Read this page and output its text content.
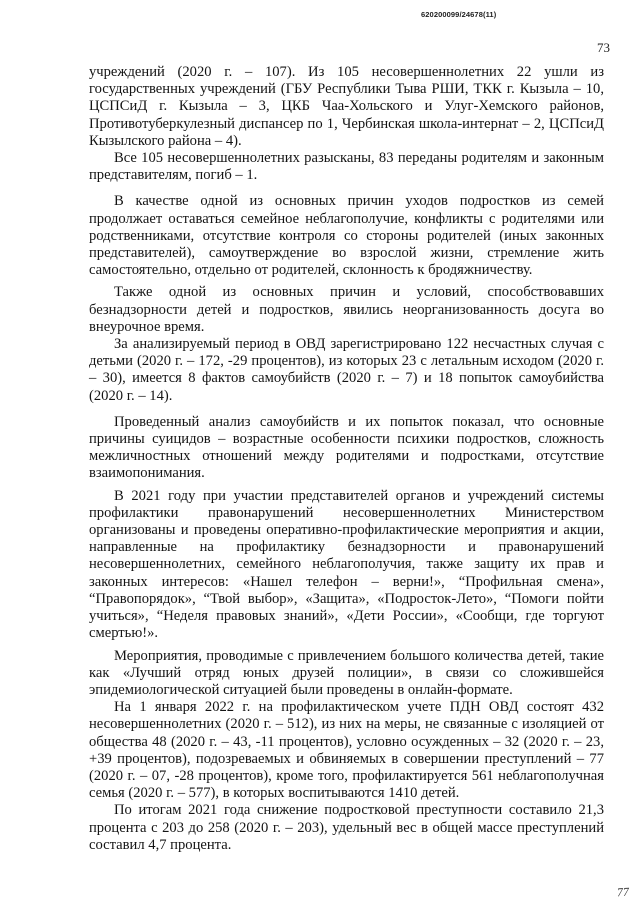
620200099/24678(11)
73

учреждений (2020 г. – 107). Из 105 несовершеннолетних 22 ушли из государственных учреждений (ГБУ Республики Тыва РШИ, ТКК г. Кызыла – 10, ЦСПСиД г. Кызыла – 3, ЦКБ Чаа-Хольского и Улуг-Хемского районов, Противотуберкулезный диспансер по 1, Чербинская школа-интернат – 2, ЦСПсиД Кызылского района – 4).

Все 105 несовершеннолетних разысканы, 83 переданы родителям и законным представителям, погиб – 1.

В качестве одной из основных причин уходов подростков из семей продолжает оставаться семейное неблагополучие, конфликты с родителями или родственниками, отсутствие контроля со стороны родителей (иных законных представителей), самоутверждение во взрослой жизни, стремление жить самостоятельно, отдельно от родителей, склонность к бродяжничеству.

Также одной из основных причин и условий, способствовавших безнадзорности детей и подростков, явились неорганизованность досуга во внеурочное время.

За анализируемый период в ОВД зарегистрировано 122 несчастных случая с детьми (2020 г. – 172, -29 процентов), из которых 23 с летальным исходом (2020 г. – 30), имеется 8 фактов самоубийств (2020 г. – 7) и 18 попыток самоубийства (2020 г. – 14).

Проведенный анализ самоубийств и их попыток показал, что основные причины суицидов – возрастные особенности психики подростков, сложность межличностных отношений между родителями и подростками, отсутствие взаимопонимания.

В 2021 году при участии представителей органов и учреждений системы профилактики правонарушений несовершеннолетних Министерством организованы и проведены оперативно-профилактические мероприятия и акции, направленные на профилактику безнадзорности и правонарушений несовершеннолетних, семейного неблагополучия, также защиту их прав и законных интересов: «Нашел телефон – верни!», “Профильная смена», “Правопорядок», “Твой выбор», «Защита», «Подросток-Лето», “Помоги пойти учиться», “Неделя правовых знаний», «Дети России», «Сообщи, где торгуют смертью!».

Мероприятия, проводимые с привлечением большого количества детей, такие как «Лучший отряд юных друзей полиции», в связи со сложившейся эпидемиологической ситуацией были проведены в онлайн-формате.

На 1 января 2022 г. на профилактическом учете ПДН ОВД состоят 432 несовершеннолетних (2020 г. – 512), из них на меры, не связанные с изоляцией от общества 48 (2020 г. – 43, -11 процентов), условно осужденных – 32 (2020 г. – 23, +39 процентов), подозреваемых и обвиняемых в совершении преступлений – 77 (2020 г. – 07, -28 процентов), кроме того, профилактируется 561 неблагополучная семья (2020 г. – 577), в которых воспитываются 1410 детей.

По итогам 2021 года снижение подростковой преступности составило 21,3 процента с 203 до 258 (2020 г. – 203), удельный вес в общей массе преступлений составил 4,7 процента.

77
